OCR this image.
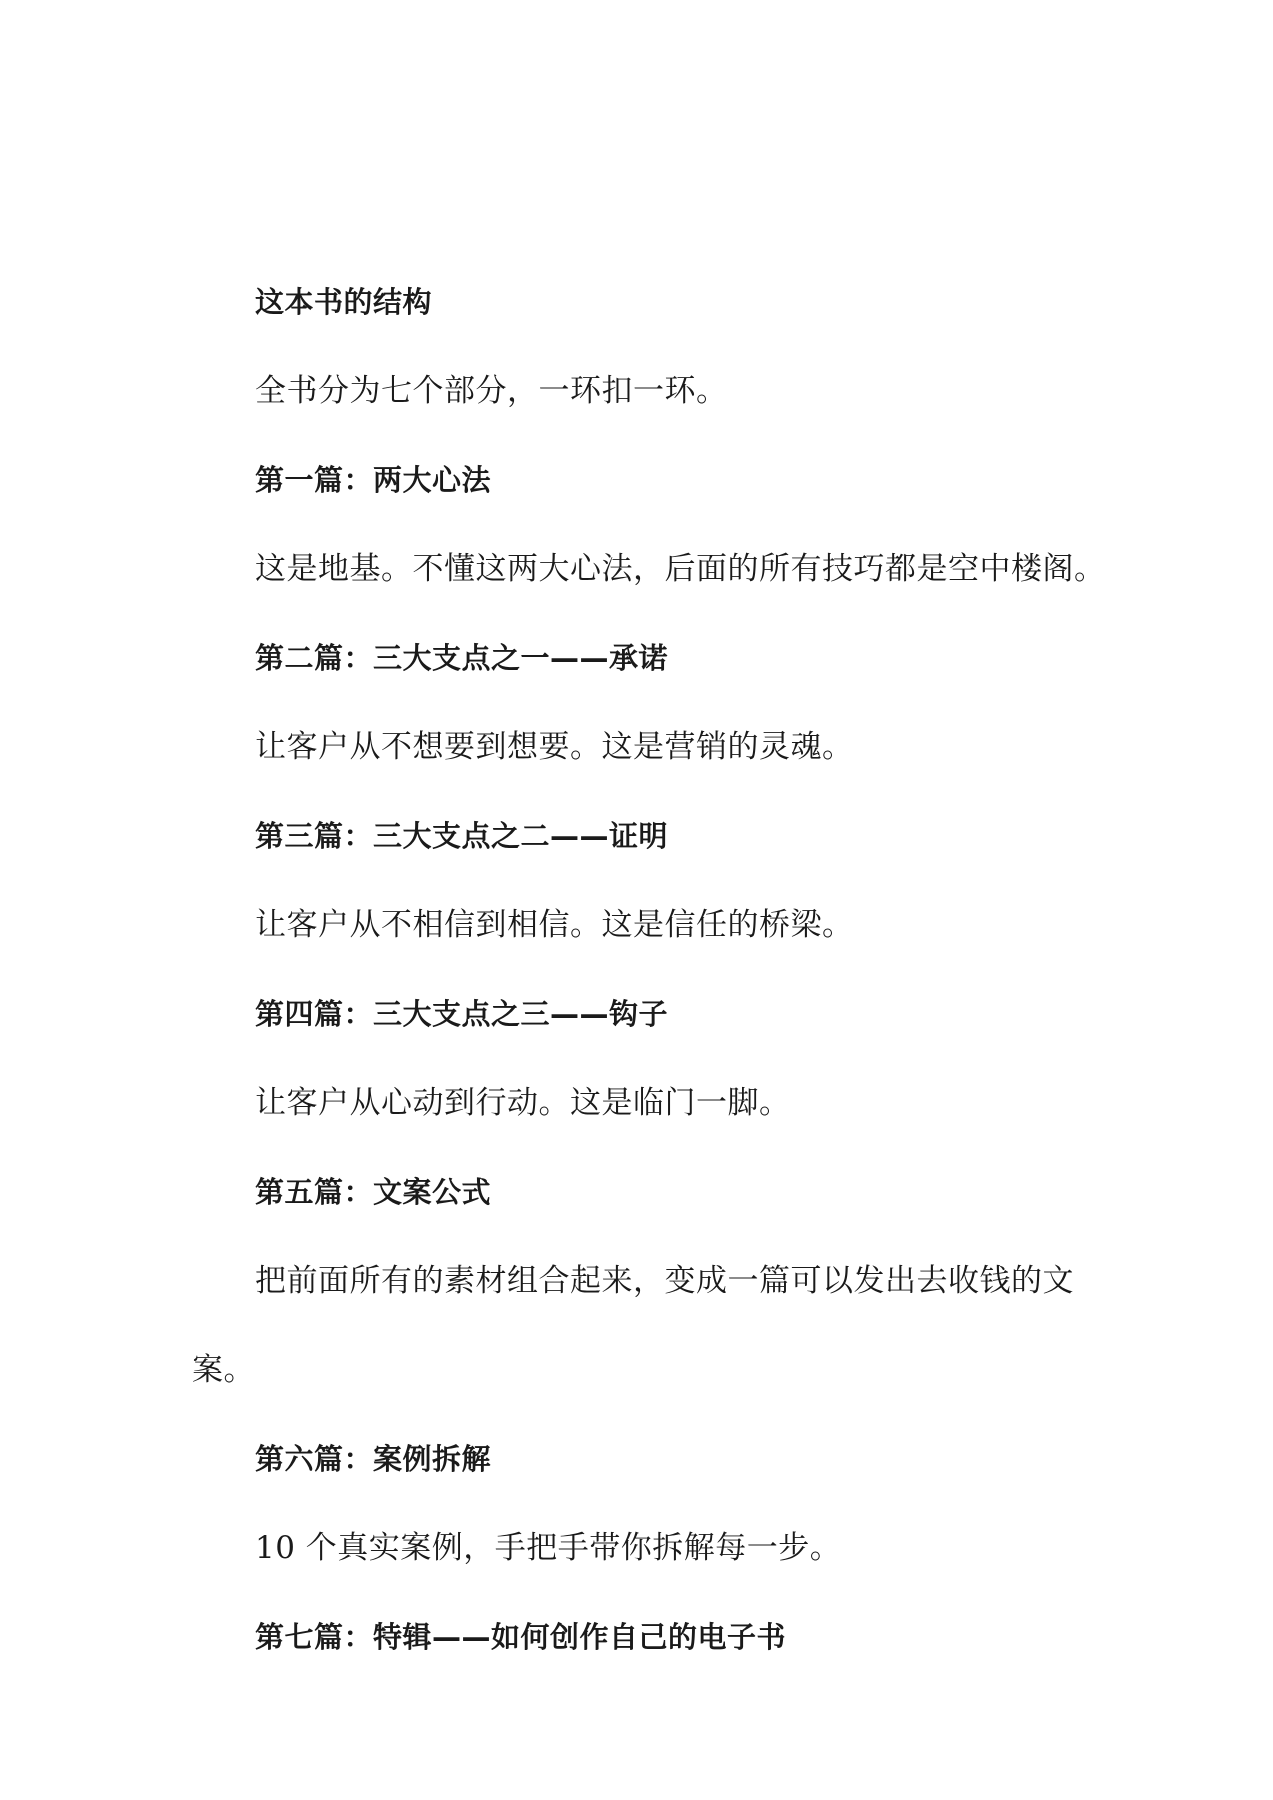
这本书的结构

全书分为七个部分，一环扣一环。

第一篇：两大心法

这是地基。不懂这两大心法，后面的所有技巧都是空中楼阁。

第二篇：三大支点之一——承诺

让客户从不想要到想要。这是营销的灵魂。

第三篇：三大支点之二——证明

让客户从不相信到相信。这是信任的桥梁。

第四篇：三大支点之三——钩子

让客户从心动到行动。这是临门一脚。

第五篇：文案公式

把前面所有的素材组合起来，变成一篇可以发出去收钱的文

案。

第六篇：案例拆解

10 个真实案例，手把手带你拆解每一步。

第七篇：特辑——如何创作自己的电子书
